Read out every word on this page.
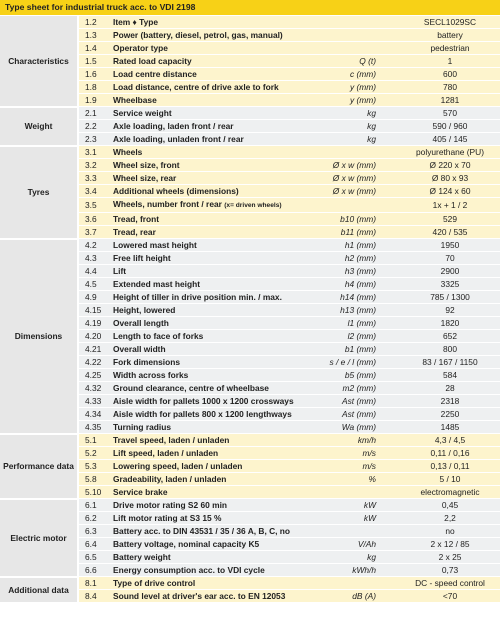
Type sheet for industrial truck acc. to VDI 2198
Characteristics	1.2	Item ♦ Type		SECL1029SC
	1.3	Power (battery, diesel, petrol, gas, manual)		battery
	1.4	Operator type		pedestrian
	1.5	Rated load capacity	Q (t)	1
	1.6	Load centre distance	c (mm)	600
	1.8	Load distance, centre of drive axle to fork	y (mm)	780
	1.9	Wheelbase	y (mm)	1281
Weight	2.1	Service weight	kg	570
	2.2	Axle loading, laden front / rear	kg	590 / 960
	2.3	Axle loading, unladen front / rear	kg	405 / 145
Tyres	3.1	Wheels		polyurethane (PU)
	3.2	Wheel size, front	Ø x w (mm)	Ø 220 x 70
	3.3	Wheel size, rear	Ø x w (mm)	Ø 80 x 93
	3.4	Additional wheels (dimensions)	Ø x w (mm)	Ø 124 x 60
	3.5	Wheels, number front / rear (x= driven wheels)		1x + 1 / 2
	3.6	Tread, front	b10 (mm)	529
	3.7	Tread, rear	b11 (mm)	420 / 535
Dimensions	4.2	Lowered mast height	h1 (mm)	1950
	4.3	Free lift height	h2 (mm)	70
	4.4	Lift	h3 (mm)	2900
	4.5	Extended mast height	h4 (mm)	3325
	4.9	Height of tiller in drive position min. / max.	h14 (mm)	785 / 1300
	4.15	Height, lowered	h13 (mm)	92
	4.19	Overall length	l1 (mm)	1820
	4.20	Length to face of forks	l2 (mm)	652
	4.21	Overall width	b1 (mm)	800
	4.22	Fork dimensions	s / e / l (mm)	83 / 167 / 1150
	4.25	Width across forks	b5 (mm)	584
	4.32	Ground clearance, centre of wheelbase	m2 (mm)	28
	4.33	Aisle width for pallets 1000 x 1200 crossways	Ast (mm)	2318
	4.34	Aisle width for pallets 800 x 1200 lengthways	Ast (mm)	2250
	4.35	Turning radius	Wa (mm)	1485
Performance data	5.1	Travel speed, laden / unladen	km/h	4,3 / 4,5
	5.2	Lift speed, laden / unladen	m/s	0,11 / 0,16
	5.3	Lowering speed, laden / unladen	m/s	0,13 / 0,11
	5.8	Gradeability, laden / unladen	%	5 / 10
	5.10	Service brake		electromagnetic
Electric motor	6.1	Drive motor rating S2 60 min	kW	0,45
	6.2	Lift motor rating at S3 15 %	kW	2,2
	6.3	Battery acc. to DIN 43531 / 35 / 36 A, B, C, no		no
	6.4	Battery voltage, nominal capacity K5	V/Ah	2 x 12 / 85
	6.5	Battery weight	kg	2 x 25
	6.6	Energy consumption acc. to VDI cycle	kWh/h	0,73
Additional data	8.1	Type of drive control		DC - speed control
	8.4	Sound level at driver's ear acc. to EN 12053	dB (A)	<70
